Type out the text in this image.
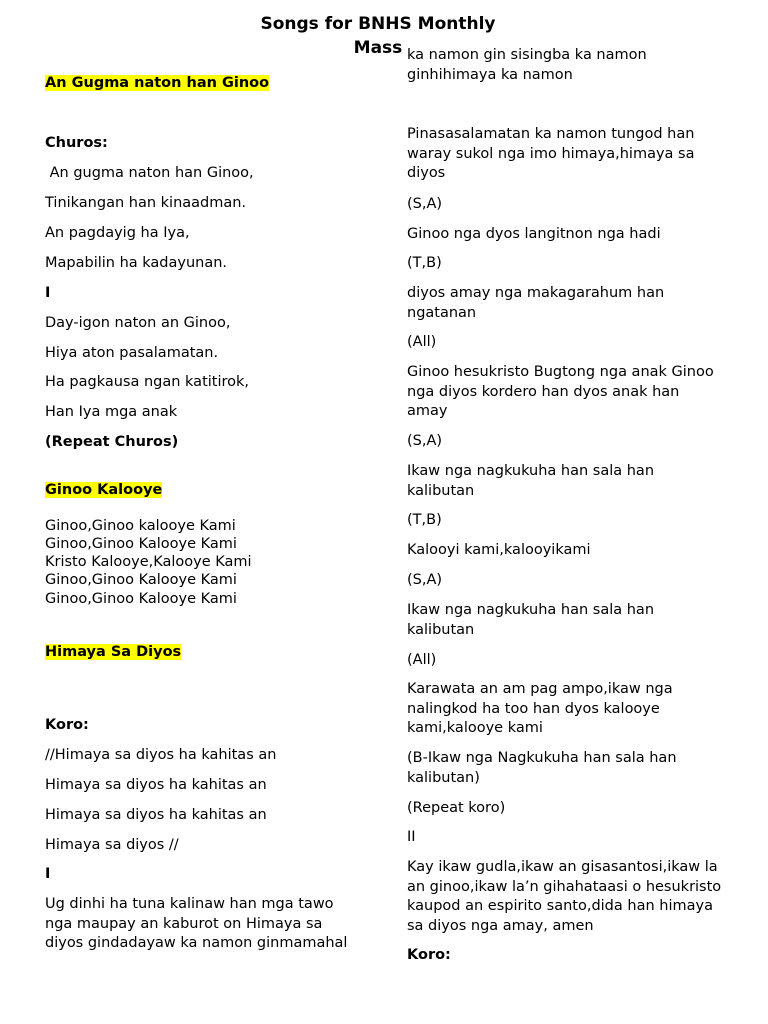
Songs for BNHS Monthly
Mass
An Gugma naton han Ginoo
Churos:
An gugma naton han Ginoo,
Tinikangan han kinaadman.
An pagdayig ha Iya,
Mapabilin ha kadayunan.
I
Day-igon naton an Ginoo,
Hiya aton pasalamatan.
Ha pagkausa ngan katitirok,
Han Iya mga anak
(Repeat Churos)
Ginoo Kalooye
Ginoo,Ginoo kalooye Kami
Ginoo,Ginoo Kalooye Kami
Kristo Kalooye,Kalooye Kami
Ginoo,Ginoo Kalooye Kami
Ginoo,Ginoo Kalooye Kami
Himaya Sa Diyos
Koro:
//Himaya sa diyos ha kahitas an
Himaya sa diyos ha kahitas an
Himaya sa diyos ha kahitas an
Himaya sa diyos //
I
Ug dinhi ha tuna kalinaw han mga tawo nga maupay an kaburot on Himaya sa diyos gindadayaw ka namon ginmamahal
ka namon gin sisingba ka namon ginhihimaya ka namon
Pinasasalamatan ka namon tungod han waray sukol nga imo himaya,himaya sa diyos
(S,A)
Ginoo nga dyos langitnon nga hadi
(T,B)
diyos amay nga makagarahum han ngatanan
(All)
Ginoo hesukristo Bugtong nga anak Ginoo nga diyos kordero han dyos anak han amay
(S,A)
Ikaw nga nagkukuha han sala han kalibutan
(T,B)
Kalooyi kami,kalooyikami
(S,A)
Ikaw nga nagkukuha han sala han kalibutan
(All)
Karawata an am pag ampo,ikaw nga nalingkod ha too han dyos kalooye kami,kalooye kami
(B-Ikaw nga Nagkukuha han sala han kalibutan)
(Repeat koro)
II
Kay ikaw gudla,ikaw an gisasantosi,ikaw la an ginoo,ikaw la’n gihahataasi o hesukristo kaupod an espirito santo,dida han himaya sa diyos nga amay, amen
Koro:
